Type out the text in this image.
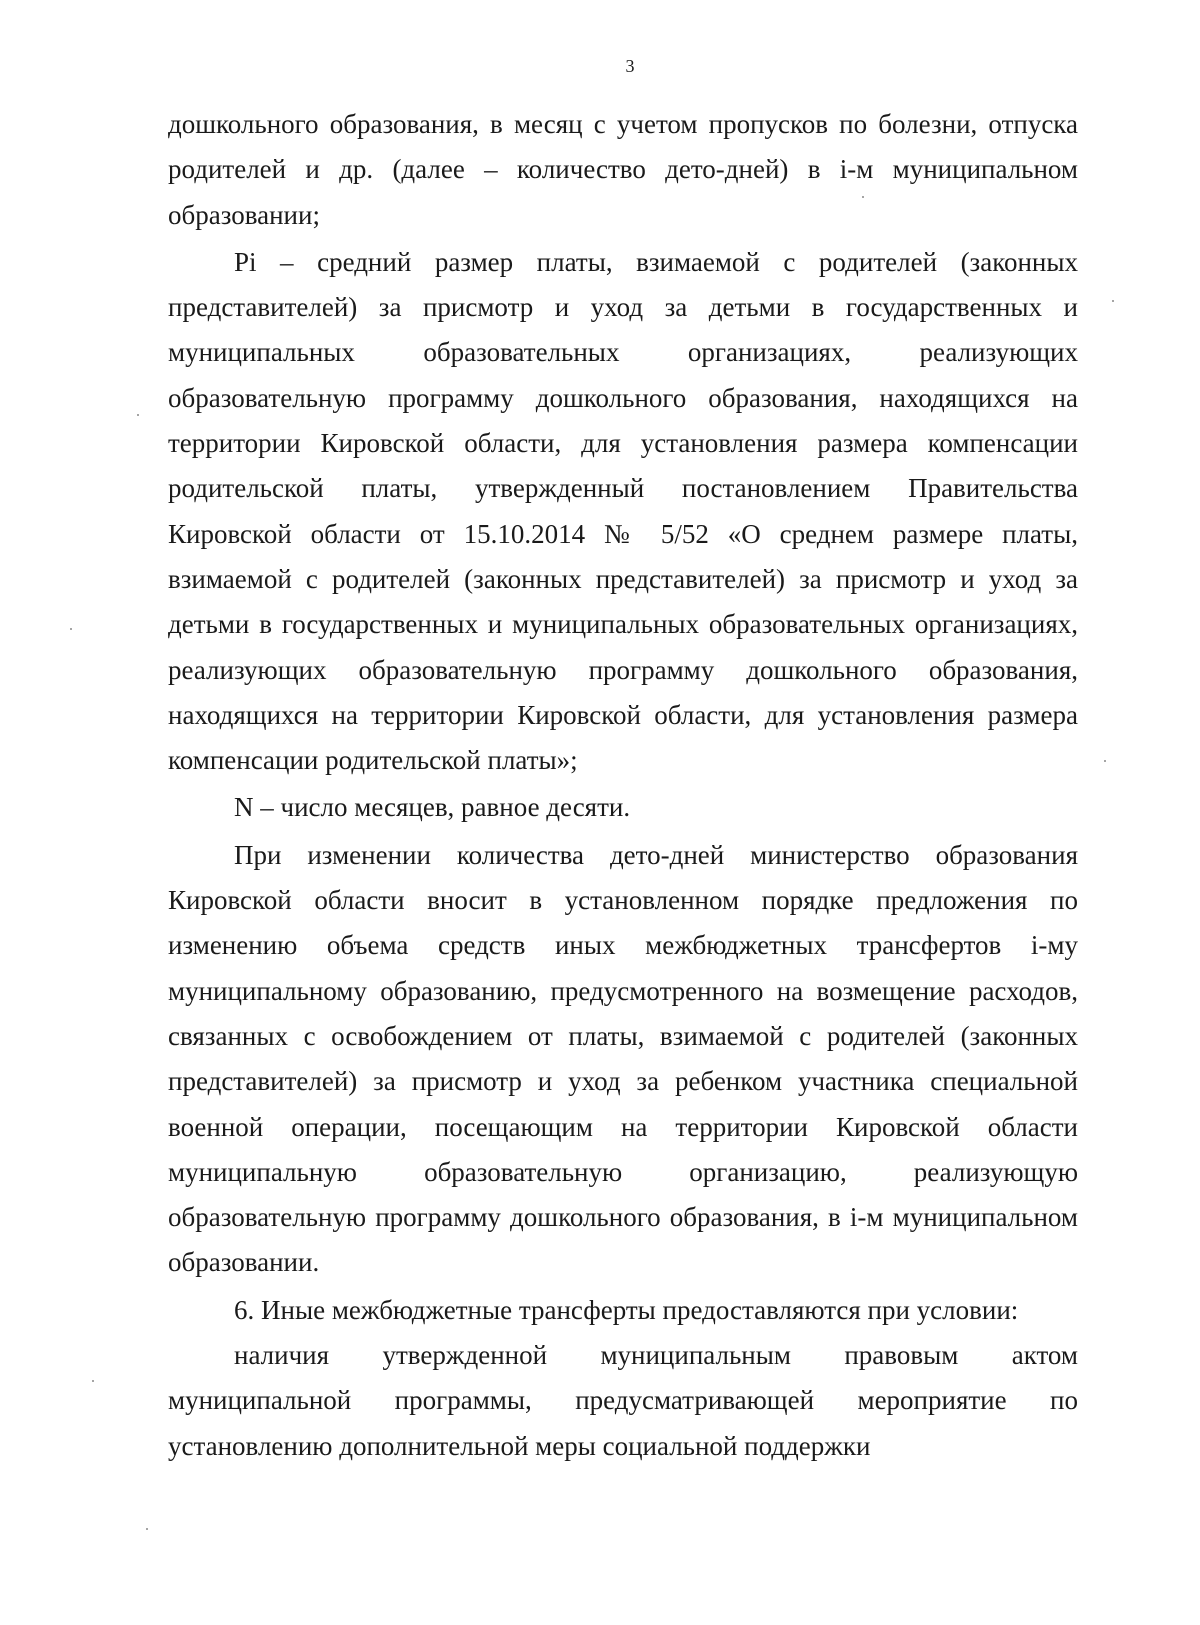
3

дошкольного образования, в месяц с учетом пропусков по болезни, отпуска родителей и др. (далее – количество дето-дней) в i-м муниципальном образовании;

Pi – средний размер платы, взимаемой с родителей (законных представителей) за присмотр и уход за детьми в государственных и муниципальных образовательных организациях, реализующих образовательную программу дошкольного образования, находящихся на территории Кировской области, для установления размера компенсации родительской платы, утвержденный постановлением Правительства Кировской области от 15.10.2014 № 5/52 «О среднем размере платы, взимаемой с родителей (законных представителей) за присмотр и уход за детьми в государственных и муниципальных образовательных организациях, реализующих образовательную программу дошкольного образования, находящихся на территории Кировской области, для установления размера компенсации родительской платы»;

N – число месяцев, равное десяти.

При изменении количества дето-дней министерство образования Кировской области вносит в установленном порядке предложения по изменению объема средств иных межбюджетных трансфертов i-му муниципальному образованию, предусмотренного на возмещение расходов, связанных с освобождением от платы, взимаемой с родителей (законных представителей) за присмотр и уход за ребенком участника специальной военной операции, посещающим на территории Кировской области муниципальную образовательную организацию, реализующую образовательную программу дошкольного образования, в i-м муниципальном образовании.

6. Иные межбюджетные трансферты предоставляются при условии:

наличия утвержденной муниципальным правовым актом муниципальной программы, предусматривающей мероприятие по установлению дополнительной меры социальной поддержки
